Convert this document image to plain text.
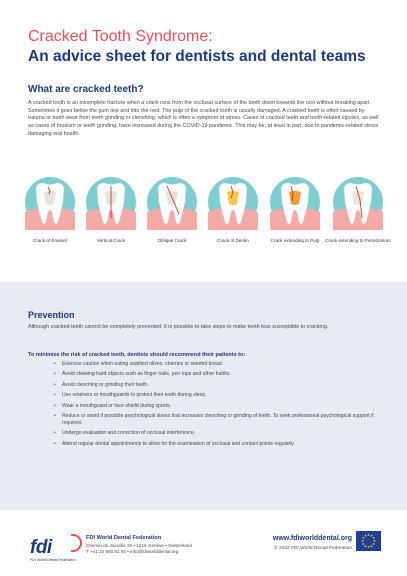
Cracked Tooth Syndrome:
An advice sheet for dentists and dental teams
What are cracked teeth?

A cracked tooth is an incomplete fracture when a crack runs from the occlusal surface of the tooth down towards the root without breaking apart. Sometimes it goes below the gum line and into the root. The pulp of the cracked tooth is usually damaged. A cracked tooth is often caused by trauma or tooth wear from teeth grinding or clenching, which is often a symptom of stress. Cases of cracked teeth and tooth-related injuries, as well as cases of bruxism or teeth grinding, have increased during the COVID-19 pandemic. This may be, at least in part, due to pandemic-related stress damaging oral health.

Crack of Enamel	Vertical Crack	Oblique Crack	Crack of Dentin	Crack extending to Pulp	Crack extending to Periodontum
Prevention

Although cracked teeth cannot be completely prevented, it is possible to take steps to make teeth less susceptible to cracking.

To minimize the risk of cracked teeth, dentists should recommend their patients to:
• Exercise caution when eating unpitted olives, cherries or seeded bread.
• Avoid chewing hard objects such as finger nails, pen tops and other habits.
• Avoid clenching or grinding their teeth.
• Use retainers or mouthguards to protect their teeth during sleep.
• Wear a mouthguard or face shield during sports.
• Reduce or avoid if possible psychological stress that increases clenching or grinding of teeth. To seek professional psychological support if required.
• Undergo evaluation and correction of occlusal interference.
• Attend regular dental appointments to allow for the examination of occlusal and contact points regularly.
fdi
FDI World Dental Federation
FDI World Dental Federation
Chemin de Joinville 26 • 1216 Genève • Switzerland
T +41 22 560 81 50 • info@fdiworlddental.org
www.fdiworlddental.org
© 2022 FDI World Dental Federation
